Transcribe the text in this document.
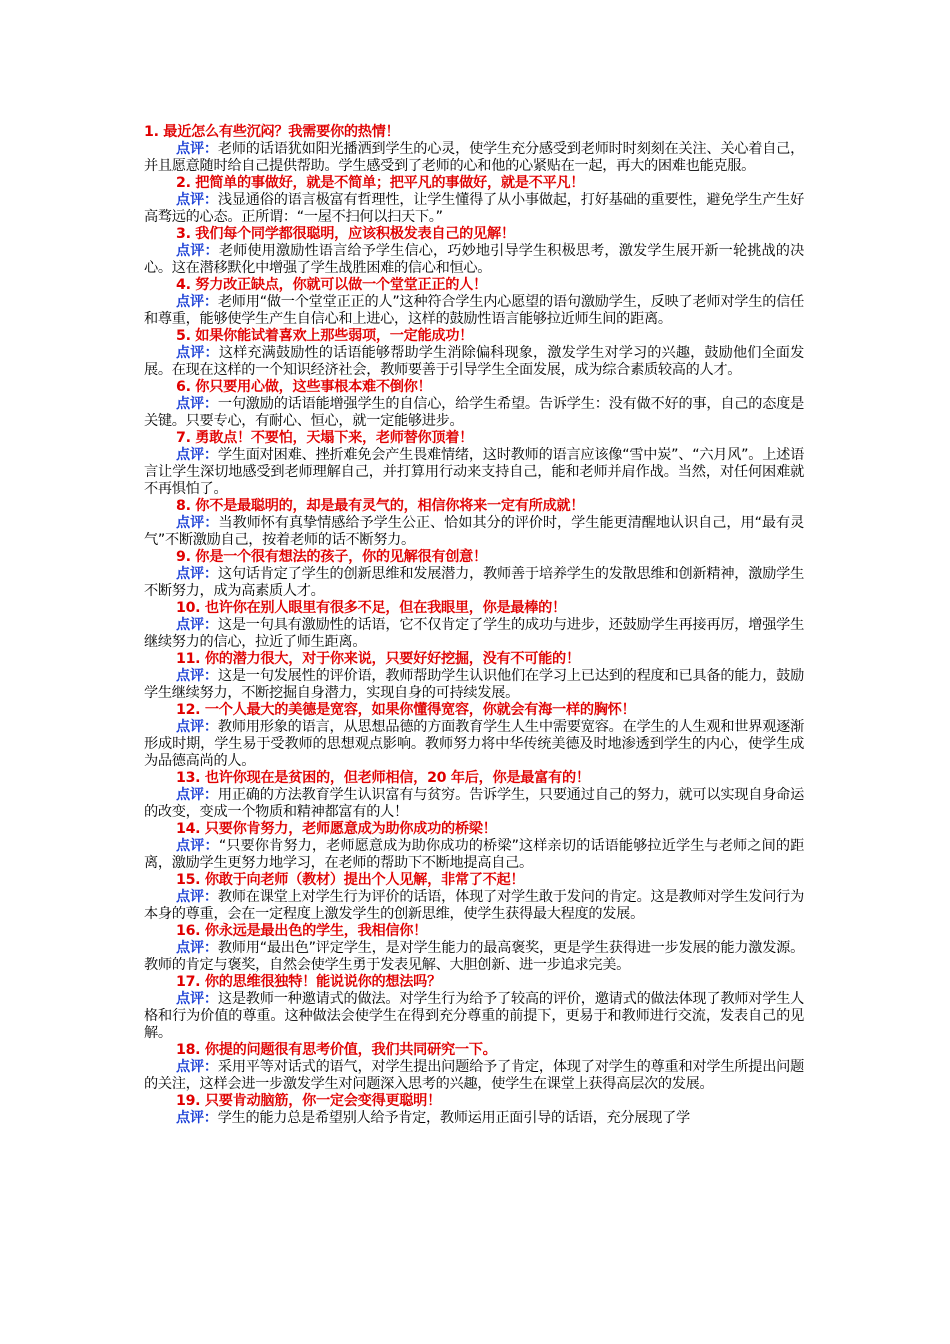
1. 最近怎么有些沉闷？我需要你的热情！
点评：老师的话语犹如阳光播洒到学生的心灵，使学生充分感受到老师时时刻刻在关注、关心着自己，并且愿意随时给自己提供帮助。学生感受到了老师的心和他的心紧贴在一起，再大的困难也能克服。
2. 把简单的事做好，就是不简单；把平凡的事做好，就是不平凡！
点评：浅显通俗的语言极富有哲理性，让学生懂得了从小事做起，打好基础的重要性，避免学生产生好高骛远的心态。正所谓：“一屋不扫何以扫天下。”
3. 我们每个同学都很聪明，应该积极发表自己的见解！
点评：老师使用激励性语言给予学生信心，巧妙地引导学生积极思考，激发学生展开新一轮挑战的决心。这在潜移默化中增强了学生战胜困难的信心和恒心。
4. 努力改正缺点，你就可以做一个堂堂正正的人！
点评：老师用“做一个堂堂正正的人”这种符合学生内心愿望的语句激励学生，反映了老师对学生的信任和尊重，能够使学生产生自信心和上进心，这样的鼓励性语言能够拉近师生间的距离。
5. 如果你能试着喜欢上那些弱项，一定能成功！
点评：这样充满鼓励性的话语能够帮助学生消除偏科现象，激发学生对学习的兴趣，鼓励他们全面发展。在现在这样的一个知识经济社会，教师要善于引导学生全面发展，成为综合素质较高的人才。
6. 你只要用心做，这些事根本难不倒你！
点评：一句激励的话语能增强学生的自信心，给学生希望。告诉学生：没有做不好的事，自己的态度是关键。只要专心，有耐心、恒心，就一定能够进步。
7. 勇敢点！不要怕，天塌下来，老师替你顶着！
点评：学生面对困难、挫折难免会产生畏难情绪，这时教师的语言应该像“雪中炭”、“六月风”。上述语言让学生深切地感受到老师理解自己，并打算用行动来支持自己，能和老师并肩作战。当然，对任何困难就不再惧怕了。
8. 你不是最聪明的，却是最有灵气的，相信你将来一定有所成就！
点评：当教师怀有真挚情感给予学生公正、恰如其分的评价时，学生能更清醒地认识自己，用“最有灵气”不断激励自己，按着老师的话不断努力。
9. 你是一个很有想法的孩子，你的见解很有创意！
点评：这句话肯定了学生的创新思维和发展潜力，教师善于培养学生的发散思维和创新精神，激励学生不断努力，成为高素质人才。
10. 也许你在别人眼里有很多不足，但在我眼里，你是最棒的！
点评：这是一句具有激励性的话语，它不仅肯定了学生的成功与进步，还鼓励学生再接再厉，增强学生继续努力的信心，拉近了师生距离。
11. 你的潜力很大，对于你来说，只要好好挖掘，没有不可能的！
点评：这是一句发展性的评价语，教师帮助学生认识他们在学习上已达到的程度和已具备的能力，鼓励学生继续努力，不断挖掘自身潜力，实现自身的可持续发展。
12. 一个人最大的美德是宽容，如果你懂得宽容，你就会有海一样的胸怀！
点评：教师用形象的语言，从思想品德的方面教育学生人生中需要宽容。在学生的人生观和世界观逐渐形成时期，学生易于受教师的思想观点影响。教师努力将中华传统美德及时地渗透到学生的内心，使学生成为品德高尚的人。
13. 也许你现在是贫困的，但老师相信，20 年后，你是最富有的！
点评：用正确的方法教育学生认识富有与贫穷。告诉学生，只要通过自己的努力，就可以实现自身命运的改变，变成一个物质和精神都富有的人！
14. 只要你肯努力，老师愿意成为助你成功的桥梁！
点评：“只要你肯努力，老师愿意成为助你成功的桥梁”这样亲切的话语能够拉近学生与老师之间的距离，激励学生更努力地学习，在老师的帮助下不断地提高自己。
15. 你敢于向老师（教材）提出个人见解，非常了不起！
点评：教师在课堂上对学生行为评价的话语，体现了对学生敢于发问的肯定。这是教师对学生发问行为本身的尊重，会在一定程度上激发学生的创新思维，使学生获得最大程度的发展。
16. 你永远是最出色的学生，我相信你！
点评：教师用“最出色”评定学生，是对学生能力的最高褒奖，更是学生获得进一步发展的能力激发源。教师的肯定与褒奖，自然会使学生勇于发表见解、大胆创新、进一步追求完美。
17. 你的思维很独特！能说说你的想法吗？
点评：这是教师一种邀请式的做法。对学生行为给予了较高的评价，邀请式的做法体现了教师对学生人格和行为价值的尊重。这种做法会使学生在得到充分尊重的前提下，更易于和教师进行交流，发表自己的见解。
18. 你提的问题很有思考价值，我们共同研究一下。
点评：采用平等对话式的语气，对学生提出问题给予了肯定，体现了对学生的尊重和对学生所提出问题的关注，这样会进一步激发学生对问题深入思考的兴趣，使学生在课堂上获得高层次的发展。
19. 只要肯动脑筋，你一定会变得更聪明！
点评：学生的能力总是希望别人给予肯定，教师运用正面引导的话语，充分展现了学
